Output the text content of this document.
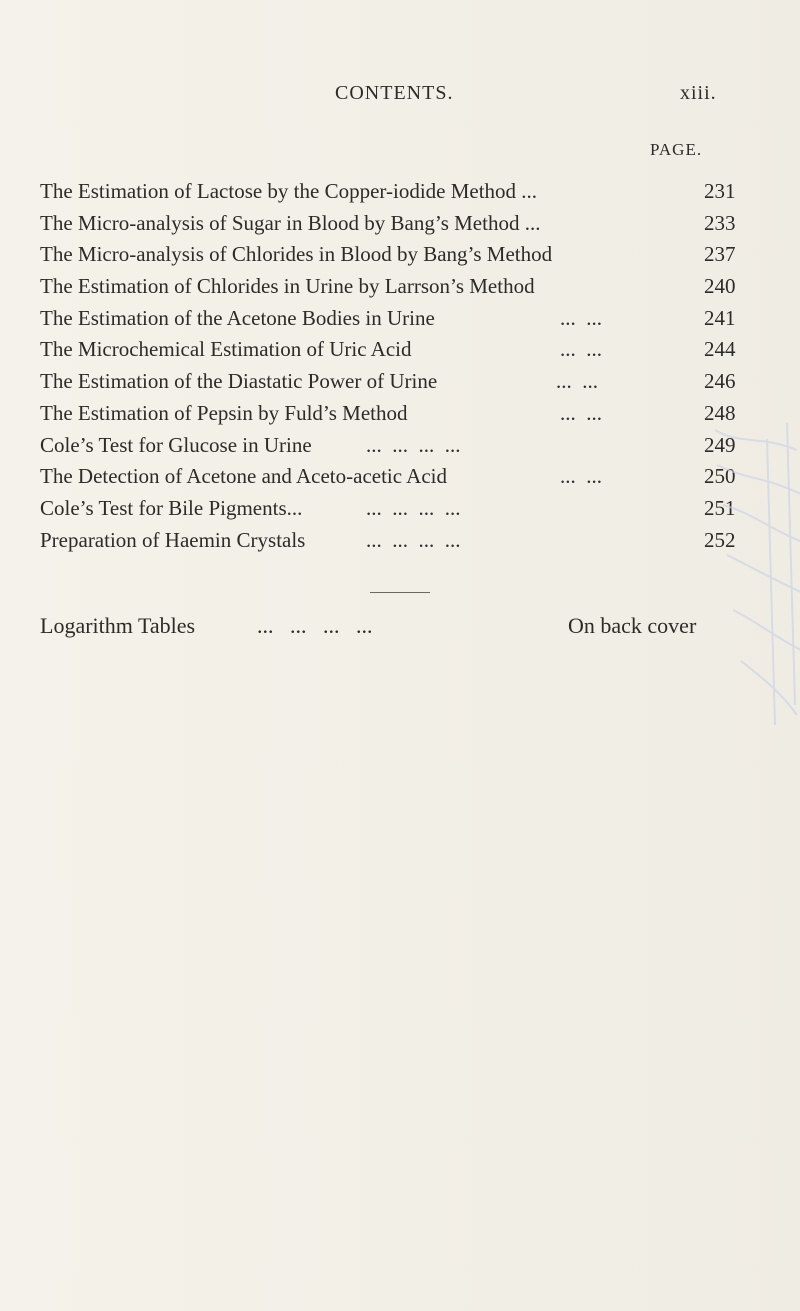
CONTENTS.	xiii.
PAGE.
The Estimation of Lactose by the Copper-iodide Method ...	231
The Micro-analysis of Sugar in Blood by Bang’s Method ...	233
The Micro-analysis of Chlorides in Blood by Bang’s Method	237
The Estimation of Chlorides in Urine by Larrson’s Method	240
The Estimation of the Acetone Bodies in Urine	...  ...	241
The Microchemical Estimation of Uric Acid	...  ...	244
The Estimation of the Diastatic Power of Urine	...  ...	246
The Estimation of Pepsin by Fuld’s Method	...  ...	248
Cole’s Test for Glucose in Urine	...  ...  ...  ...	249
The Detection of Acetone and Aceto-acetic Acid	...  ...	250
Cole’s Test for Bile Pigments...	...  ...  ...  ...	251
Preparation of Haemin Crystals	...  ...  ...  ...	252
Logarithm Tables	...   ...   ...   ...	On back cover
